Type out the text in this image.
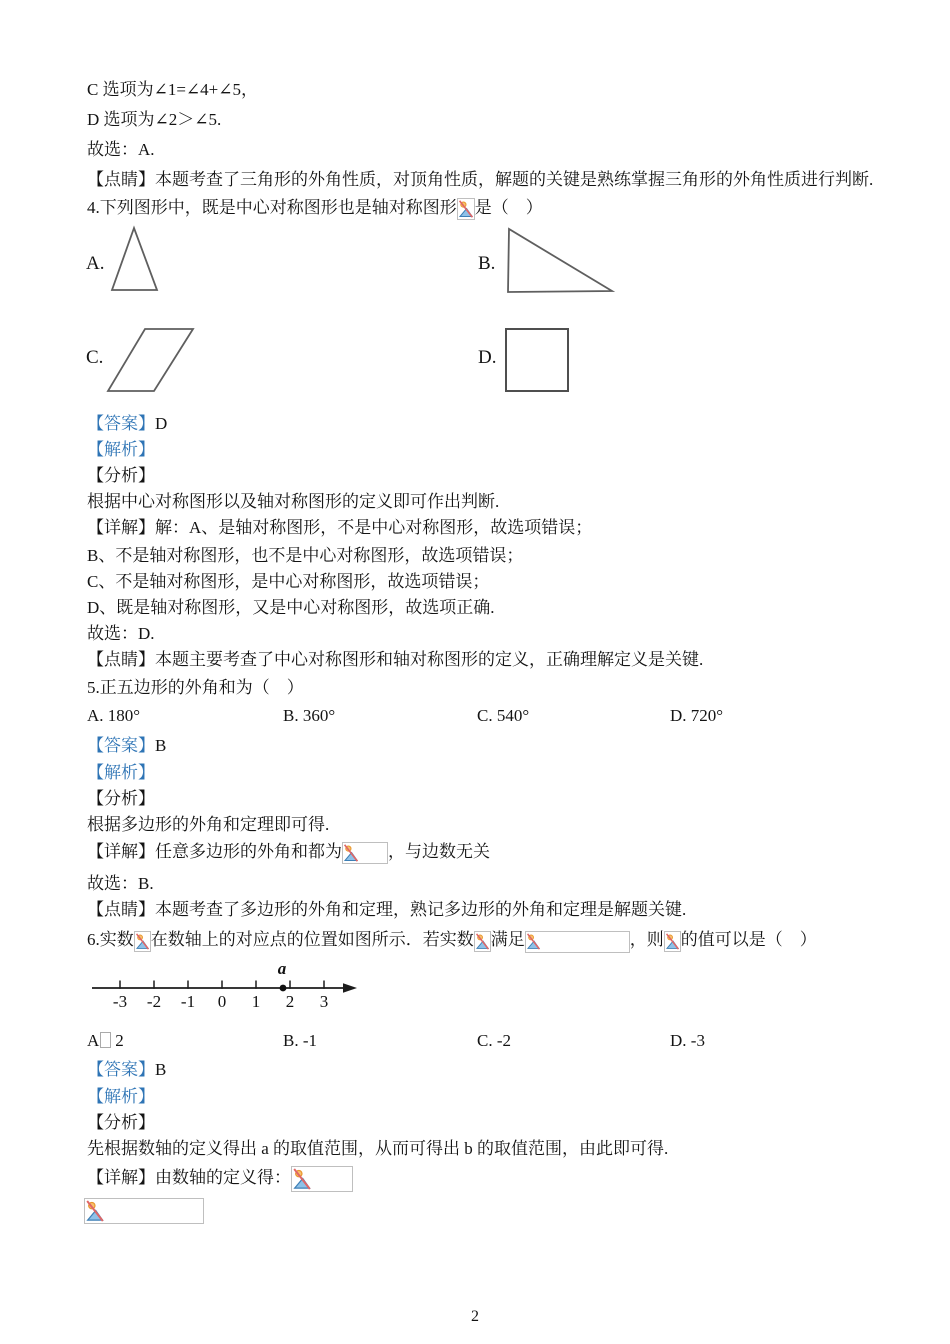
C 选项为∠1=∠4+∠5，
D 选项为∠2＞∠5.
故选：A.
【点睛】本题考查了三角形的外角性质，对顶角性质，解题的关键是熟练掌握三角形的外角性质进行判断.
4.下列图形中，既是中心对称图形也是轴对称图形 是（　）
A.	B.
C.	D.
【答案】D
【解析】
【分析】
根据中心对称图形以及轴对称图形的定义即可作出判断.
【详解】解：A、是轴对称图形，不是中心对称图形，故选项错误；
B、不是轴对称图形，也不是中心对称图形，故选项错误；
C、不是轴对称图形，是中心对称图形，故选项错误；
D、既是轴对称图形，又是中心对称图形，故选项正确.
故选：D.
【点睛】本题主要考查了中心对称图形和轴对称图形的定义，正确理解定义是关键.
5.正五边形的外角和为（　）
A. 180°	B. 360°	C. 540°	D. 720°
【答案】B
【解析】
【分析】
根据多边形的外角和定理即可得.
【详解】任意多边形的外角和都为	，与边数无关
故选：B.
【点睛】本题考查了多边形的外角和定理，熟记多边形的外角和定理是解题关键.
6.实数 在数轴上的对应点的位置如图所示．若实数 满足	，则 的值可以是（　）
a
-3 -2 -1 0 1 2 3
A 2	B. -1	C. -2	D. -3
【答案】B
【解析】
【分析】
先根据数轴的定义得出 a 的取值范围，从而可得出 b 的取值范围，由此即可得.
【详解】由数轴的定义得：
2
